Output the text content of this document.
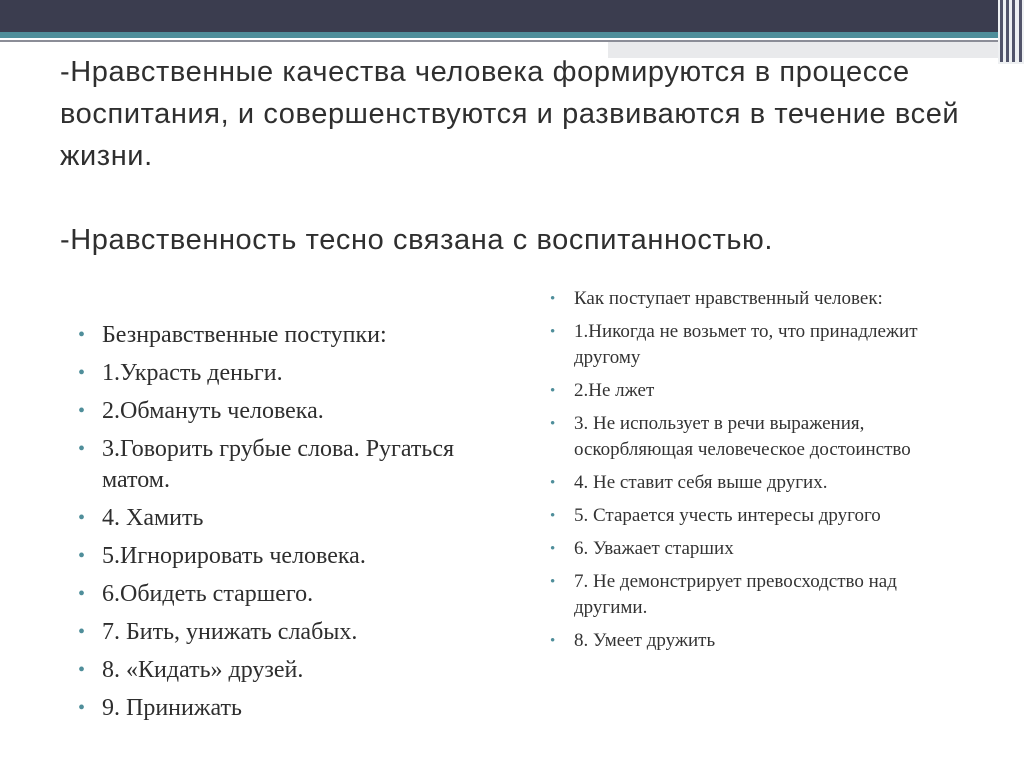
-Нравственные качества человека формируются в процессе воспитания, и совершенствуются и развиваются в течение всей жизни.

-Нравственность тесно связана с воспитанностью.

• Безнравственные поступки:
• 1.Украсть деньги.
• 2.Обмануть человека.
• 3.Говорить грубые слова. Ругаться матом.
• 4. Хамить
• 5.Игнорировать человека.
• 6.Обидеть старшего.
• 7. Бить, унижать слабых.
• 8. «Кидать» друзей.
• 9. Принижать
• Как поступает нравственный человек:
• 1.Никогда не возьмет то, что принадлежит другому
• 2.Не лжет
• 3. Не использует в речи выражения, оскорбляющая человеческое достоинство
• 4. Не ставит себя выше других.
• 5. Старается учесть интересы другого
• 6. Уважает старших
• 7. Не демонстрирует превосходство над другими.
• 8. Умеет дружить
